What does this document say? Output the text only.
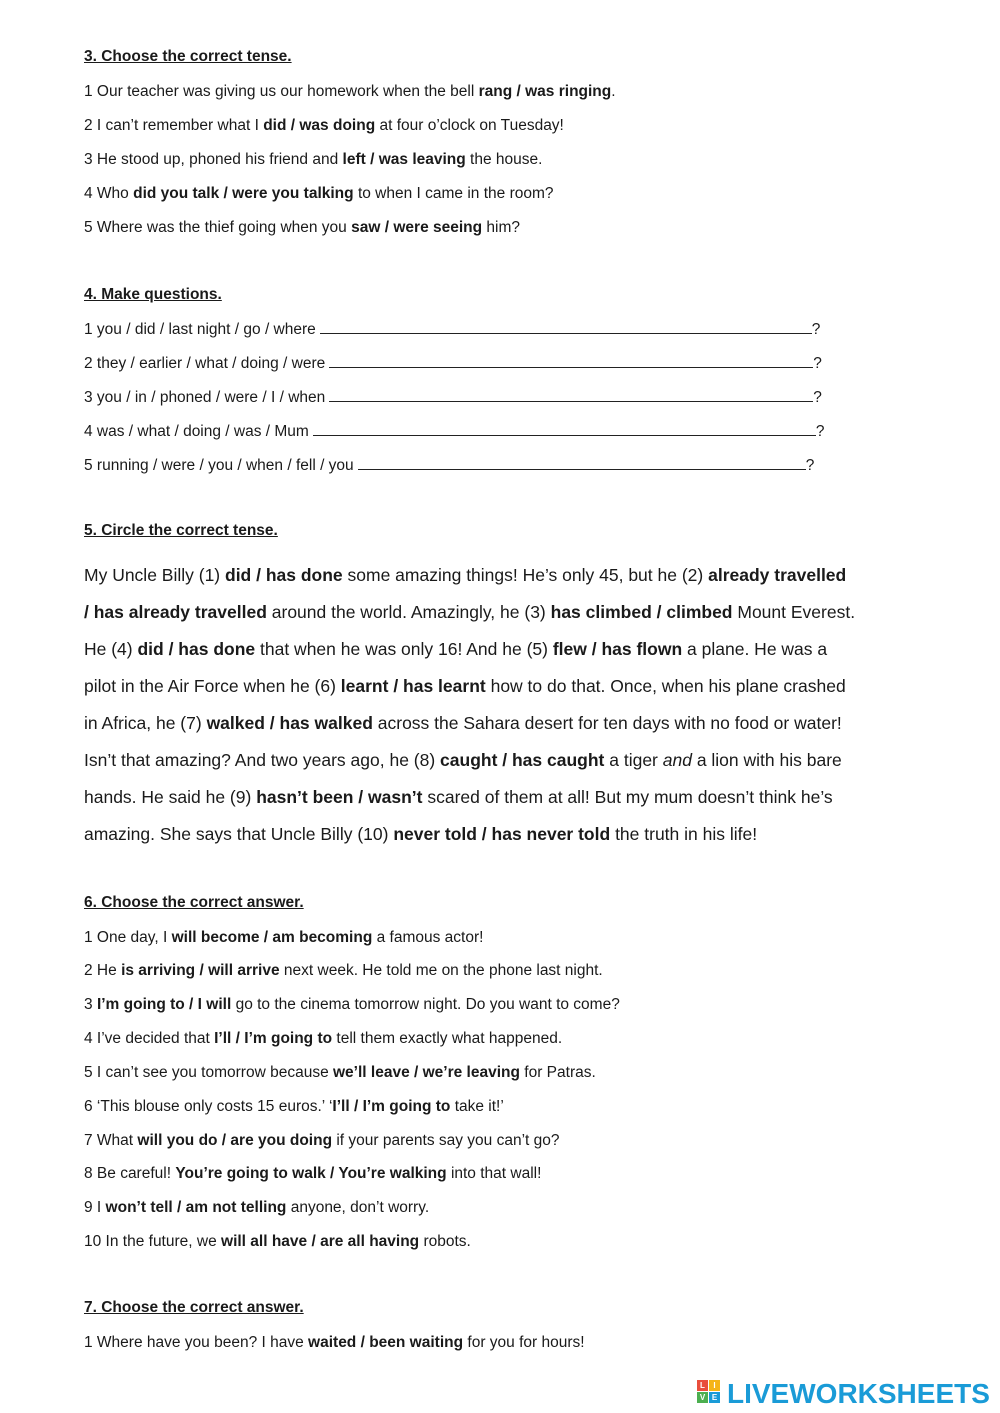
3. Choose the correct tense.
1 Our teacher was giving us our homework when the bell rang / was ringing.
2 I can’t remember what I did / was doing at four o’clock on Tuesday!
3 He stood up, phoned his friend and left / was leaving the house.
4 Who did you talk / were you talking to when I came in the room?
5 Where was the thief going when you saw / were seeing him?
4. Make questions.
1 you / did / last night / go / where	?
2 they / earlier / what / doing / were	?
3 you / in / phoned / were / I / when	?
4 was / what / doing / was / Mum	?
5 running / were / you / when / fell / you	?
5. Circle the correct tense.
My Uncle Billy (1) did / has done some amazing things! He’s only 45, but he (2) already travelled
/ has already travelled around the world. Amazingly, he (3) has climbed / climbed Mount Everest.
He (4) did / has done that when he was only 16! And he (5) flew / has flown a plane. He was a
pilot in the Air Force when he (6) learnt / has learnt how to do that. Once, when his plane crashed
in Africa, he (7) walked / has walked across the Sahara desert for ten days with no food or water!
Isn’t that amazing? And two years ago, he (8) caught / has caught a tiger and a lion with his bare
hands. He said he (9) hasn’t been / wasn’t scared of them at all! But my mum doesn’t think he’s
amazing. She says that Uncle Billy (10) never told / has never told the truth in his life!
6. Choose the correct answer.
1 One day, I will become / am becoming a famous actor!
2 He is arriving / will arrive next week. He told me on the phone last night.
3 I’m going to / I will go to the cinema tomorrow night. Do you want to come?
4 I’ve decided that I’ll / I’m going to tell them exactly what happened.
5 I can’t see you tomorrow because we’ll leave / we’re leaving for Patras.
6 ‘This blouse only costs 15 euros.’ ‘I’ll / I’m going to take it!’
7 What will you do / are you doing if your parents say you can’t go?
8 Be careful! You’re going to walk / You’re walking into that wall!
9 I won’t tell / am not telling anyone, don’t worry.
10 In the future, we will all have / are all having robots.
7. Choose the correct answer.
1 Where have you been? I have waited / been waiting for you for hours!
L	I
V E LIVEWORKSHEETS
